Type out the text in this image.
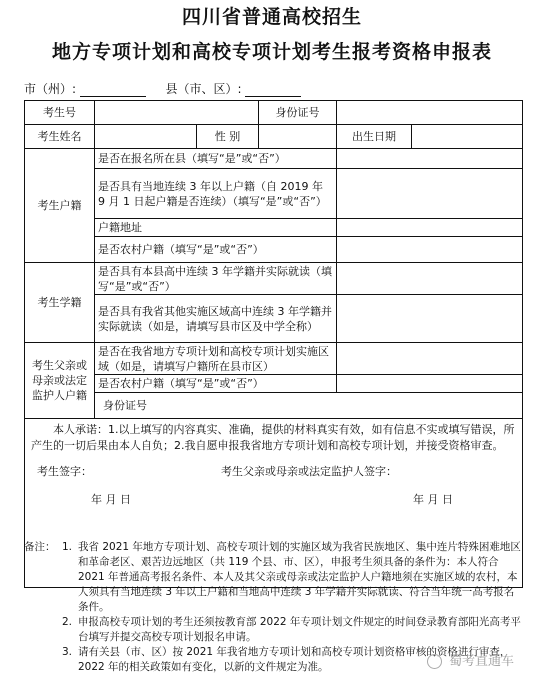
四川省普通高校招生
地方专项计划和高校专项计划考生报考资格申报表
市（州）:	县（市、区）:
考生号			身份证号		
考生姓名		性 别		出生日期	
考生户籍	是否在报名所在县（填写“是”或“否”）				
	是否具有当地连续 3 年以上户籍（自 2019 年 9 月 1 日起户籍是否连续）（填写“是”或“否”）				
	户籍地址				
	是否农村户籍（填写“是”或“否”）				
考生学籍	是否具有本县高中连续 3 年学籍并实际就读（填写“是”或“否”）				
	是否具有我省其他实施区域高中连续 3 年学籍并实际就读（如是，请填写县市区及中学全称）				
考生父亲或母亲或法定监护人户籍	是否在我省地方专项计划和高校专项计划实施区域（如是，请填写户籍所在县市区）				
	是否农村户籍（填写“是”或“否”）				
	身份证号				

本人承诺：1.以上填写的内容真实、准确，提供的材料真实有效，如有信息不实或填写错误，所产生的一切后果由本人自负；2.我自愿申报我省地方专项计划和高校专项计划，并接受资格审查。

考生签字： 考生父亲或母亲或法定监护人签字：
年 月 日 年 月 日					
备注： 1. 我省 2021 年地方专项计划、高校专项计划的实施区域为我省民族地区、集中连片特殊困难地区和革命老区、艰苦边远地区（共 119 个县、市、区），申报考生须具备的条件为：本人符合 2021 年普通高考报名条件、本人及其父亲或母亲或法定监护人户籍地须在实施区域的农村，本人须具有当地连续 3 年以上户籍和当地高中连续 3 年学籍并实际就读、符合当年统一高考报名条件。
2. 申报高校专项计划的考生还须按教育部 2022 年专项计划文件规定的时间登录教育部阳光高考平台填写并提交高校专项计划报名申请。
3. 请有关县（市、区）按 2021 年我省地方专项计划和高校专项计划资格审核的资格进行审查，2022 年的相关政策如有变化，以新的文件规定为准。	蜀考直通车
